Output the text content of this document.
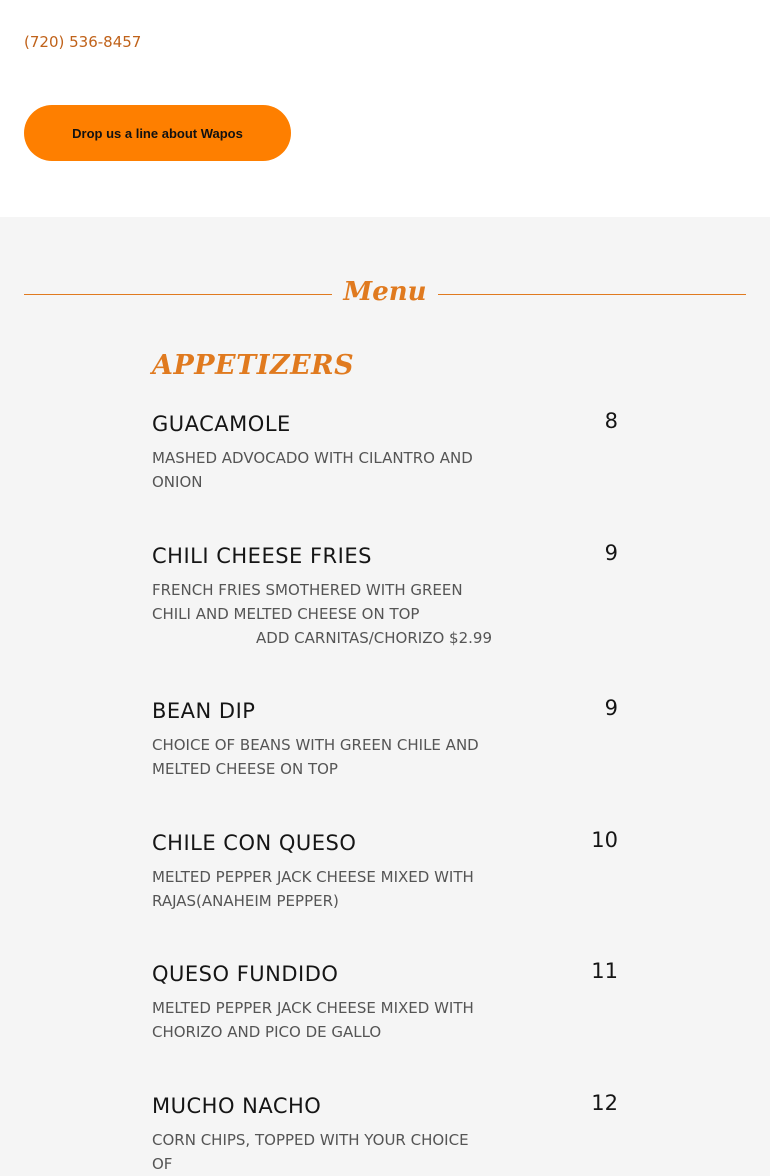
(720) 536-8457
Drop us a line about Wapos
Menu
APPETIZERS
GUACAMOLE	8
MASHED ADVOCADO WITH CILANTRO AND ONION
CHILI CHEESE FRIES	9
FRENCH FRIES SMOTHERED WITH GREEN CHILI AND MELTED CHEESE ON TOP
ADD CARNITAS/CHORIZO $2.99
BEAN DIP	9
CHOICE OF BEANS WITH GREEN CHILE AND MELTED CHEESE ON TOP
CHILE CON QUESO	10
MELTED PEPPER JACK CHEESE MIXED WITH RAJAS(ANAHEIM PEPPER)
QUESO FUNDIDO	11
MELTED PEPPER JACK CHEESE MIXED WITH CHORIZO AND PICO DE GALLO
MUCHO NACHO	12
CORN CHIPS, TOPPED WITH YOUR CHOICE OF
